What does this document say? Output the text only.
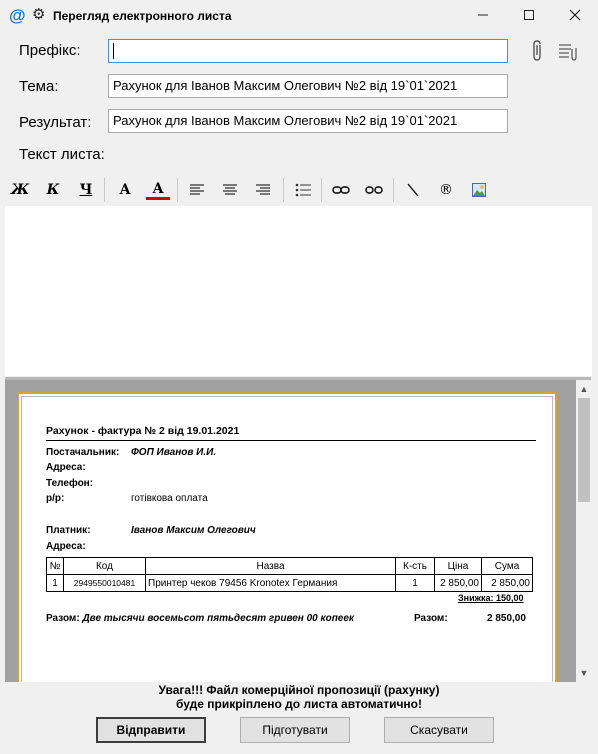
@ ⚙ Перегляд електронного листа
Префікс:
Тема:	Рахунок для Іванов Максим Олегович №2 від 19`01`2021
Результат:	Рахунок для Іванов Максим Олегович №2 від 19`01`2021
Текст листа:
Ж	К	Ч	A	A	®
Рахунок - фактура № 2 від 19.01.2021
Постачальник: ФОП Иванов И.И.
Адреса:
Телефон:
р/р:	готівкова оплата
Платник:	Іванов Максим Олегович
Адреса:
№	Код	Назва	К-сть	Ціна	Сума
1	2949550010481	Принтер чеков 79456 Kronotex Германия	1	2 850,00	2 850,00
Знижка: 150,00
Разом: Две тысячи восемьсот пятьдесят гривен 00 копеек	Разом:	2 850,00
▲
▼
Увага!!! Файл комерційної пропозиції (рахунку)
буде прикріплено до листа автоматично!
Відправити	Підготувати	Скасувати
